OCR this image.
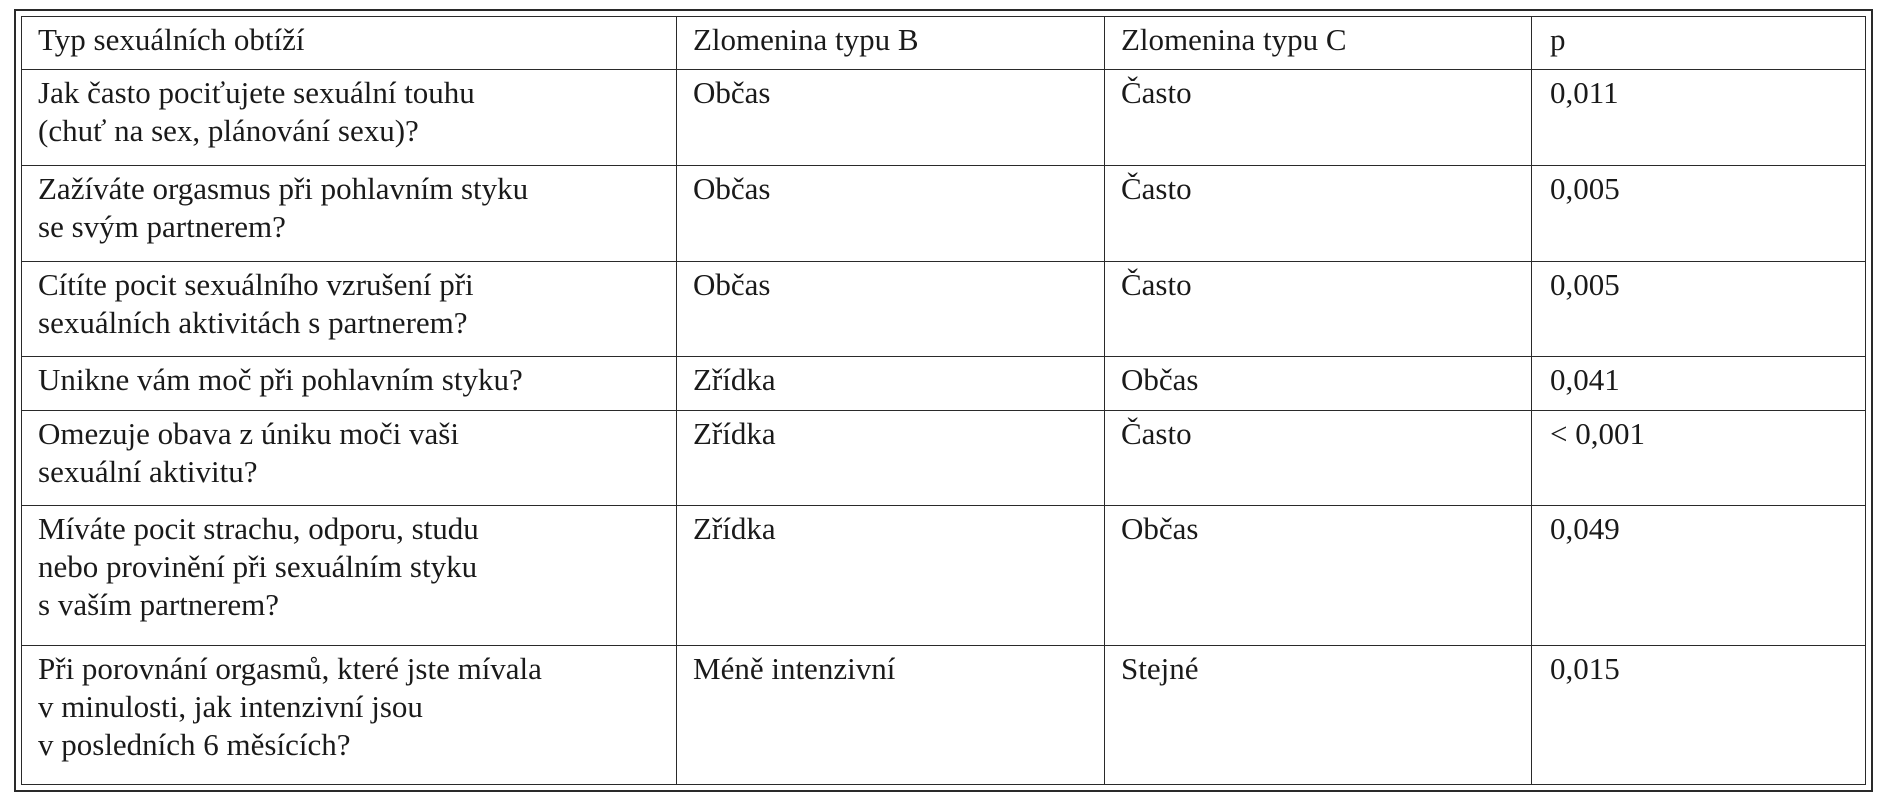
Typ sexuálních obtíží	Zlomenina typu B	Zlomenina typu C	p

Jak často pociťujete sexuální touhu
(chuť na sex, plánování sexu)?	Občas	Často	0,011

Zažíváte orgasmus při pohlavním styku
se svým partnerem?	Občas	Často	0,005

Cítíte pocit sexuálního vzrušení při
sexuálních aktivitách s partnerem?	Občas	Často	0,005

Unikne vám moč při pohlavním styku?	Zřídka	Občas	0,041

Omezuje obava z úniku moči vaši
sexuální aktivitu?	Zřídka	Často	< 0,001

Míváte pocit strachu, odporu, studu
nebo provinění při sexuálním styku
s vaším partnerem?	Zřídka	Občas	0,049

Při porovnání orgasmů, které jste mívala
v minulosti, jak intenzivní jsou
v posledních 6 měsících?	Méně intenzivní	Stejné	0,015
